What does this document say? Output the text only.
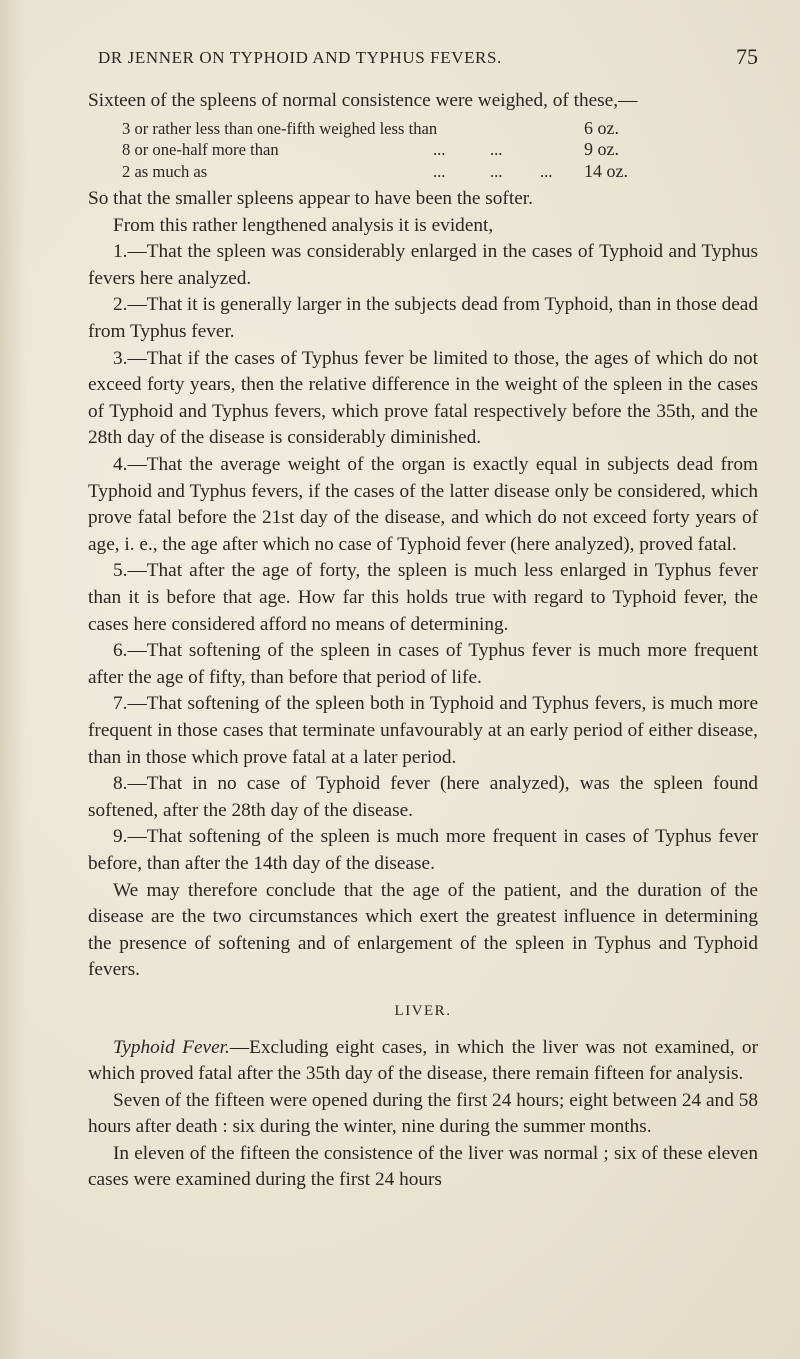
DR JENNER ON TYPHOID AND TYPHUS FEVERS.	75

Sixteen of the spleens of normal consistence were weighed, of these,—

3 or rather less than one-fifth weighed less than	6 oz.
8 or one-half more than	...	...	9 oz.
2 as much as	...	... ... 14 oz.

So that the smaller spleens appear to have been the softer.

From this rather lengthened analysis it is evident,

1.—That the spleen was considerably enlarged in the cases of Typhoid and Typhus fevers here analyzed.

2.—That it is generally larger in the subjects dead from Typhoid, than in those dead from Typhus fever.

3.—That if the cases of Typhus fever be limited to those, the ages of which do not exceed forty years, then the relative difference in the weight of the spleen in the cases of Typhoid and Typhus fevers, which prove fatal respectively before the 35th, and the 28th day of the disease is considerably diminished.

4.—That the average weight of the organ is exactly equal in subjects dead from Typhoid and Typhus fevers, if the cases of the latter disease only be considered, which prove fatal before the 21st day of the disease, and which do not exceed forty years of age, i. e., the age after which no case of Typhoid fever (here analyzed), proved fatal.

5.—That after the age of forty, the spleen is much less enlarged in Typhus fever than it is before that age. How far this holds true with regard to Typhoid fever, the cases here considered afford no means of determining.

6.—That softening of the spleen in cases of Typhus fever is much more frequent after the age of fifty, than before that period of life.

7.—That softening of the spleen both in Typhoid and Typhus fevers, is much more frequent in those cases that terminate unfavourably at an early period of either disease, than in those which prove fatal at a later period.

8.—That in no case of Typhoid fever (here analyzed), was the spleen found softened, after the 28th day of the disease.

9.—That softening of the spleen is much more frequent in cases of Typhus fever before, than after the 14th day of the disease.

We may therefore conclude that the age of the patient, and the duration of the disease are the two circumstances which exert the greatest influence in determining the presence of softening and of enlargement of the spleen in Typhus and Typhoid fevers.

LIVER.

Typhoid Fever.—Excluding eight cases, in which the liver was not examined, or which proved fatal after the 35th day of the disease, there remain fifteen for analysis.

Seven of the fifteen were opened during the first 24 hours; eight between 24 and 58 hours after death : six during the winter, nine during the summer months.

In eleven of the fifteen the consistence of the liver was normal ; six of these eleven cases were examined during the first 24 hours
